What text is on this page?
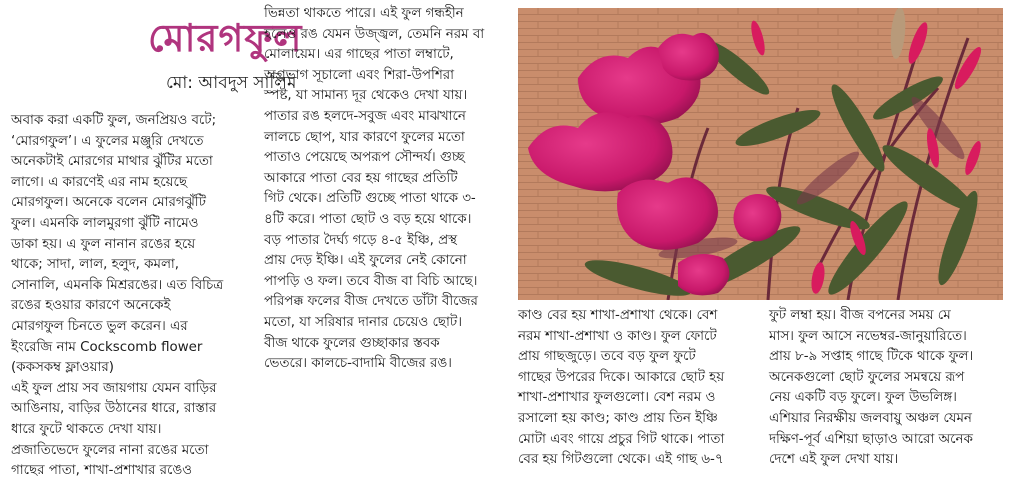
মোরগফুল
মো: আবদুস সালিম
অবাক করা একটি ফুল, জনপ্রিয়ও বটে;
‘মোরগফুল’। এ ফুলের মঞ্জুরি দেখতে
অনেকটাই মোরগের মাথার ঝুঁটির মতো
লাগে। এ কারণেই এর নাম হয়েছে
মোরগফুল। অনেকে বলেন মোরগঝুঁটি
ফুল। এমনকি লালমুরগা ঝুঁটি নামেও
ডাকা হয়। এ ফুল নানান রঙের হয়ে
থাকে; সাদা, লাল, হলুদ, কমলা,
সোনালি, এমনকি মিশ্ররঙের। এত বিচিত্র
রঙের হওয়ার কারণে অনেকেই
মোরগফুল চিনতে ভুল করেন। এর
ইংরেজি নাম Cockscomb flower
(ককসকম্ব ফ্লাওয়ার)
এই ফুল প্রায় সব জায়গায় যেমন বাড়ির
আঙিনায়, বাড়ির উঠানের ধারে, রাস্তার
ধারে ফুটে থাকতে দেখা যায়।
প্রজাতিভেদে ফুলের নানা রঙের মতো
গাছের পাতা, শাখা-প্রশাখার রঙেও
ভিন্নতা থাকতে পারে। এই ফুল গন্ধহীন
হলেও রঙ যেমন উজ্জ্বল, তেমনি নরম বা
মোলায়েম। এর গাছের পাতা লম্বাটে,
অগ্রভাগ সূচালো এবং শিরা-উপশিরা
স্পষ্ট, যা সামান্য দূর থেকেও দেখা যায়।
পাতার রঙ হলদে-সবুজ এবং মাঝখানে
লালচে ছোপ, যার কারণে ফুলের মতো
পাতাও পেয়েছে অপরূপ সৌন্দর্য। গুচ্ছ
আকারে পাতা বের হয় গাছের প্রতিটি
গিট থেকে। প্রতিটি গুচ্ছে পাতা থাকে ৩-
৪টি করে। পাতা ছোট ও বড় হয়ে থাকে।
বড় পাতার দৈর্ঘ্য গড়ে ৪-৫ ইঞ্চি, প্রস্থ
প্রায় দেড় ইঞ্চি। এই ফুলের নেই কোনো
পাপড়ি ও ফল। তবে বীজ বা বিচি আছে।
পরিপক্ক ফলের বীজ দেখতে ডাঁটা বীজের
মতো, যা সরিষার দানার চেয়েও ছোট।
বীজ থাকে ফুলের গুচ্ছাকার স্তবক
ভেতরে। কালচে-বাদামি বীজের রঙ।
কাণ্ড বের হয় শাখা-প্রশাখা থেকে। বেশ
নরম শাখা-প্রশাখা ও কাণ্ড। ফুল ফোটে
প্রায় গাছজুড়ে। তবে বড় ফুল ফুটে
গাছের উপরের দিকে। আকারে ছোট হয়
শাখা-প্রশাখার ফুলগুলো। বেশ নরম ও
রসালো হয় কাণ্ড; কাণ্ড প্রায় তিন ইঞ্চি
মোটা এবং গায়ে প্রচুর গিট থাকে। পাতা
বের হয় গিটগুলো থেকে। এই গাছ ৬-৭
ফুট লম্বা হয়। বীজ বপনের সময় মে
মাস। ফুল আসে নভেম্বর-জানুয়ারিতে।
প্রায় ৮-৯ সপ্তাহ গাছে টিকে থাকে ফুল।
অনেকগুলো ছোট ফুলের সমন্বয়ে রূপ
নেয় একটি বড় ফুলে। ফুল উভলিঙ্গ।
এশিয়ার নিরক্ষীয় জলবায়ু অঞ্চল যেমন
দক্ষিণ-পূর্ব এশিয়া ছাড়াও আরো অনেক
দেশে এই ফুল দেখা যায়।
